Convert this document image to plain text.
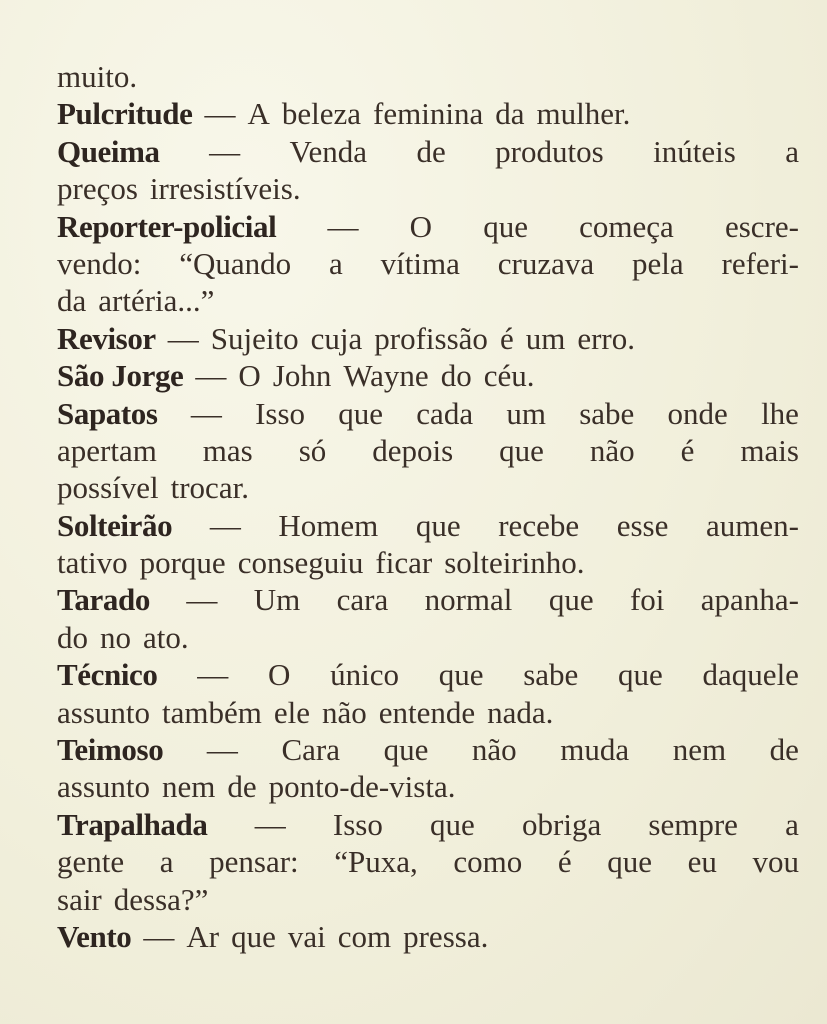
muito.
Pulcritude — A beleza feminina da mulher.
Queima — Venda de produtos inúteis a
preços irresistíveis.
Reporter-policial — O que começa escre-
vendo: “Quando a vítima cruzava pela referi-
da artéria...”
Revisor — Sujeito cuja profissão é um erro.
São Jorge — O John Wayne do céu.
Sapatos — Isso que cada um sabe onde lhe
apertam mas só depois que não é mais
possível trocar.
Solteirão — Homem que recebe esse aumen-
tativo porque conseguiu ficar solteirinho.
Tarado — Um cara normal que foi apanha-
do no ato.
Técnico — O único que sabe que daquele
assunto também ele não entende nada.
Teimoso — Cara que não muda nem de
assunto nem de ponto-de-vista.
Trapalhada — Isso que obriga sempre a
gente a pensar: “Puxa, como é que eu vou
sair dessa?”
Vento — Ar que vai com pressa.
